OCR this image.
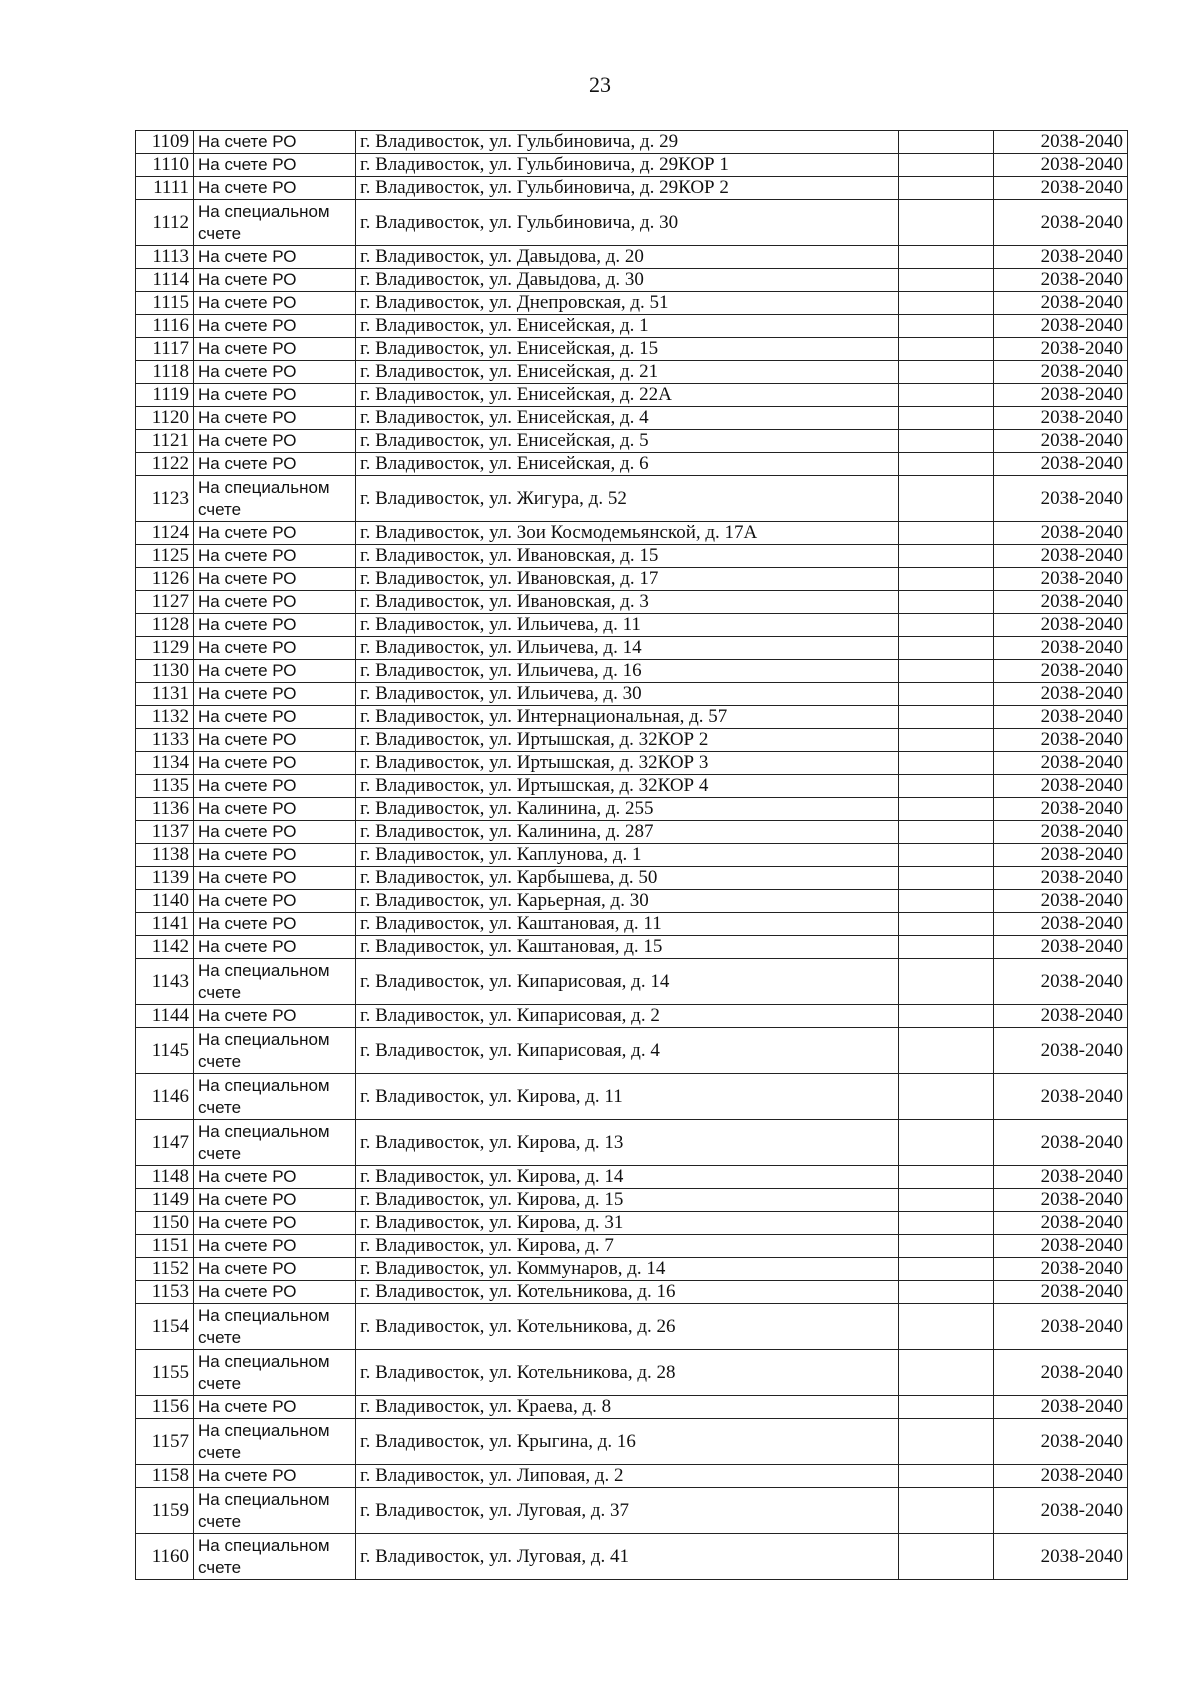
23
1109	На счете РО	г. Владивосток, ул. Гульбиновича, д. 29		2038-2040
1110	На счете РО	г. Владивосток, ул. Гульбиновича, д. 29КОР 1		2038-2040
1111	На счете РО	г. Владивосток, ул. Гульбиновича, д. 29КОР 2		2038-2040
1112	На специальном счете	г. Владивосток, ул. Гульбиновича, д. 30		2038-2040
1113	На счете РО	г. Владивосток, ул. Давыдова, д. 20		2038-2040
1114	На счете РО	г. Владивосток, ул. Давыдова, д. 30		2038-2040
1115	На счете РО	г. Владивосток, ул. Днепровская, д. 51		2038-2040
1116	На счете РО	г. Владивосток, ул. Енисейская, д. 1		2038-2040
1117	На счете РО	г. Владивосток, ул. Енисейская, д. 15		2038-2040
1118	На счете РО	г. Владивосток, ул. Енисейская, д. 21		2038-2040
1119	На счете РО	г. Владивосток, ул. Енисейская, д. 22А		2038-2040
1120	На счете РО	г. Владивосток, ул. Енисейская, д. 4		2038-2040
1121	На счете РО	г. Владивосток, ул. Енисейская, д. 5		2038-2040
1122	На счете РО	г. Владивосток, ул. Енисейская, д. 6		2038-2040
1123	На специальном счете	г. Владивосток, ул. Жигура, д. 52		2038-2040
1124	На счете РО	г. Владивосток, ул. Зои Космодемьянской, д. 17А		2038-2040
1125	На счете РО	г. Владивосток, ул. Ивановская, д. 15		2038-2040
1126	На счете РО	г. Владивосток, ул. Ивановская, д. 17		2038-2040
1127	На счете РО	г. Владивосток, ул. Ивановская, д. 3		2038-2040
1128	На счете РО	г. Владивосток, ул. Ильичева, д. 11		2038-2040
1129	На счете РО	г. Владивосток, ул. Ильичева, д. 14		2038-2040
1130	На счете РО	г. Владивосток, ул. Ильичева, д. 16		2038-2040
1131	На счете РО	г. Владивосток, ул. Ильичева, д. 30		2038-2040
1132	На счете РО	г. Владивосток, ул. Интернациональная, д. 57		2038-2040
1133	На счете РО	г. Владивосток, ул. Иртышская, д. 32КОР 2		2038-2040
1134	На счете РО	г. Владивосток, ул. Иртышская, д. 32КОР 3		2038-2040
1135	На счете РО	г. Владивосток, ул. Иртышская, д. 32КОР 4		2038-2040
1136	На счете РО	г. Владивосток, ул. Калинина, д. 255		2038-2040
1137	На счете РО	г. Владивосток, ул. Калинина, д. 287		2038-2040
1138	На счете РО	г. Владивосток, ул. Каплунова, д. 1		2038-2040
1139	На счете РО	г. Владивосток, ул. Карбышева, д. 50		2038-2040
1140	На счете РО	г. Владивосток, ул. Карьерная, д. 30		2038-2040
1141	На счете РО	г. Владивосток, ул. Каштановая, д. 11		2038-2040
1142	На счете РО	г. Владивосток, ул. Каштановая, д. 15		2038-2040
1143	На специальном счете	г. Владивосток, ул. Кипарисовая, д. 14		2038-2040
1144	На счете РО	г. Владивосток, ул. Кипарисовая, д. 2		2038-2040
1145	На специальном счете	г. Владивосток, ул. Кипарисовая, д. 4		2038-2040
1146	На специальном счете	г. Владивосток, ул. Кирова, д. 11		2038-2040
1147	На специальном счете	г. Владивосток, ул. Кирова, д. 13		2038-2040
1148	На счете РО	г. Владивосток, ул. Кирова, д. 14		2038-2040
1149	На счете РО	г. Владивосток, ул. Кирова, д. 15		2038-2040
1150	На счете РО	г. Владивосток, ул. Кирова, д. 31		2038-2040
1151	На счете РО	г. Владивосток, ул. Кирова, д. 7		2038-2040
1152	На счете РО	г. Владивосток, ул. Коммунаров, д. 14		2038-2040
1153	На счете РО	г. Владивосток, ул. Котельникова, д. 16		2038-2040
1154	На специальном счете	г. Владивосток, ул. Котельникова, д. 26		2038-2040
1155	На специальном счете	г. Владивосток, ул. Котельникова, д. 28		2038-2040
1156	На счете РО	г. Владивосток, ул. Краева, д. 8		2038-2040
1157	На специальном счете	г. Владивосток, ул. Крыгина, д. 16		2038-2040
1158	На счете РО	г. Владивосток, ул. Липовая, д. 2		2038-2040
1159	На специальном счете	г. Владивосток, ул. Луговая, д. 37		2038-2040
1160	На специальном счете	г. Владивосток, ул. Луговая, д. 41		2038-2040
